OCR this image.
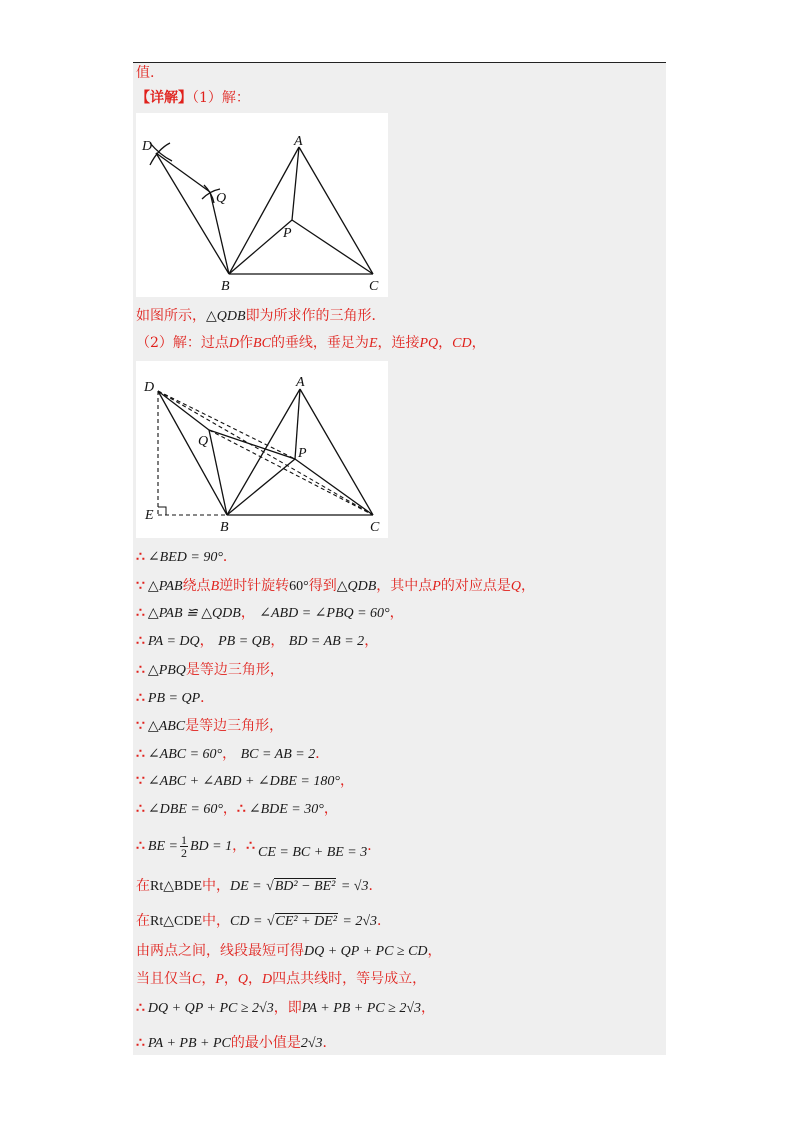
值.
【详解】（1）解：
D
Q
A
P
B	C
如图所示，△QDB即为所求作的三角形．
（2）解：过点D作BC的垂线，垂足为E，连接PQ，CD，
D
Q
A
P
E
B	C
∴ ∠BED = 90°．
∵ △PAB绕点B逆时针旋转60°得到△QDB，其中点P的对应点是Q，
∴ △PAB ≌ △QDB， ∠ABD = ∠PBQ = 60°，
∴ PA = DQ， PB = QB， BD = AB = 2，
∴ △PBQ是等边三角形，
∴ PB = QP．
∵ △ABC是等边三角形，
∴ ∠ABC = 60°， BC = AB = 2．
∵ ∠ABC + ∠ABD + ∠DBE = 180°，
∴ ∠DBE = 60°，∴ ∠BDE = 30°，
∴ BE = $\frac{1}{2}$ BD = 1，∴ CE = BC + BE = 3．
在Rt△BDE中，DE = √BD² − BE² = √3．
在Rt△CDE中，CD = √CE² + DE² = 2√3．
由两点之间，线段最短可得DQ + QP + PC ≥ CD，
当且仅当C，P，Q，D四点共线时，等号成立，
∴ DQ + QP + PC ≥ 2√3，即PA + PB + PC ≥ 2√3，
∴ PA + PB + PC的最小值是2√3．
